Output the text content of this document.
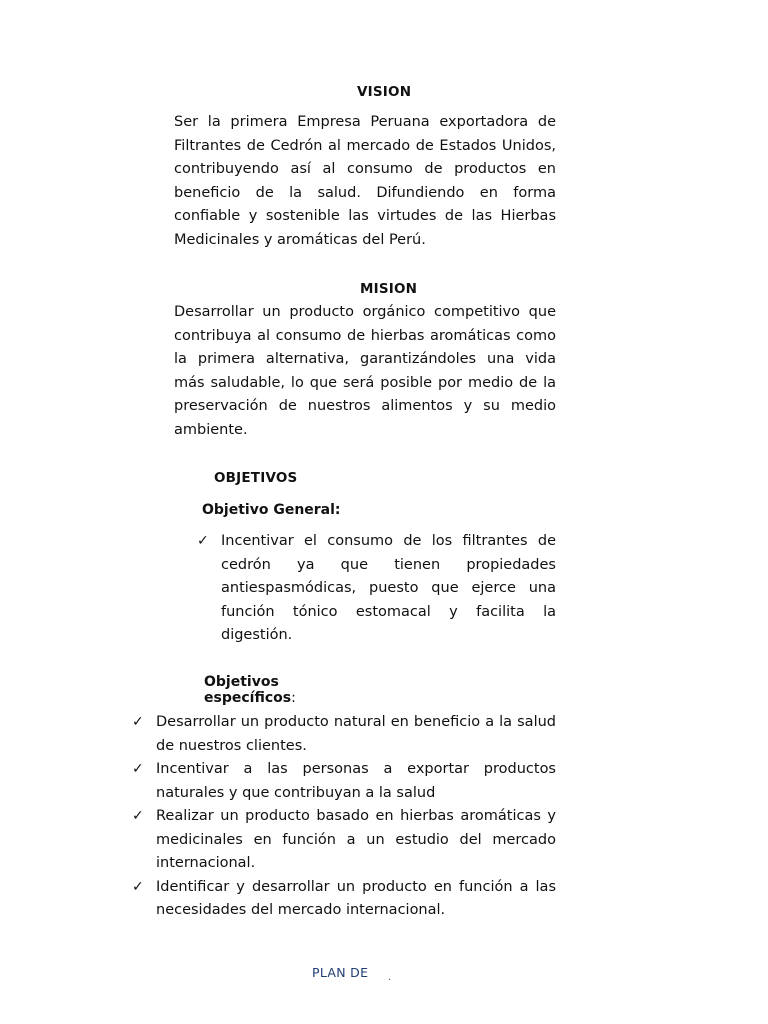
VISION
Ser la primera Empresa Peruana exportadora de Filtrantes de Cedrón al mercado de Estados Unidos, contribuyendo así al consumo de productos en beneficio de la salud. Difundiendo en forma confiable y sostenible las virtudes de las Hierbas Medicinales y aromáticas del Perú.
MISION
Desarrollar un producto orgánico competitivo que contribuya al consumo de hierbas aromáticas como la primera alternativa, garantizándoles una vida más saludable, lo que será posible por medio de la preservación de nuestros alimentos y su medio ambiente.
OBJETIVOS
Objetivo General:
✓ Incentivar el consumo de los filtrantes de cedrón ya que tienen propiedades antiespasmódicas, puesto que ejerce una función tónico estomacal y facilita la digestión.
Objetivos específicos:
✓ Desarrollar un producto natural en beneficio a la salud de nuestros clientes.
✓ Incentivar a las personas a exportar productos naturales y que contribuyan a la salud
✓ Realizar un producto basado en hierbas aromáticas y medicinales en función a un estudio del mercado internacional.
✓ Identificar y desarrollar un producto en función a las necesidades del mercado internacional.
PLAN DE .
